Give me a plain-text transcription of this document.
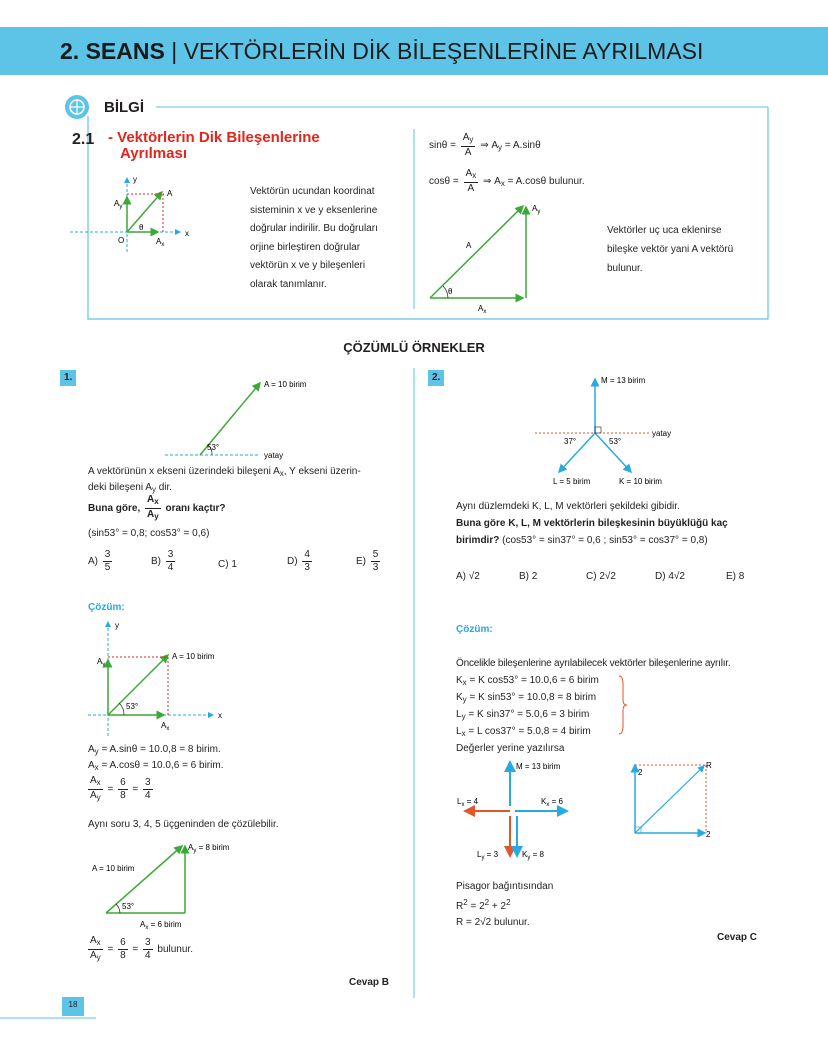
2. SEANS | VEKTÖRLERİN DİK BİLEŞENLERİNE AYRILMASI
BİLGİ
2.1 - Vektörlerin Dik Bileşenlerine
Ayrılması
y
x
O
$A_y$
$A_x$
A
θ
Vektörün ucundan koordinat
sisteminin x ve y eksenlerine
doğrular indirilir. Bu doğruları
orjine birleştiren doğrular
vektörün x ve y bileşenleri
olarak tanımlanır.
$\sin\theta = \frac{A_y}{A}$ ⇒ $A_y = A.\sin\theta$
$\cos\theta = \frac{A_x}{A}$ ⇒ $A_x = A.\cos\theta$ bulunur.
θ
A
$A_y$
$A_x$
Vektörler uç uca eklenirse
bileşke vektör yani A vektörü
bulunur.
ÇÖZÜMLÜ ÖRNEKLER
1.
A = 10 birim
53°
yatay
A vektörünün x ekseni üzerindeki bileşeni $A_x$, Y ekseni üzerin-
deki bileşeni $A_y$ dir.
Buna göre, $\frac{A_x}{A_y}$ oranı kaçtır?
(sin53° = 0,8; cos53° = 0,6)
$A) \frac{3}{5}$	$B) \frac{3}{4}$	C) 1	$D) \frac{4}{3}$	$E) \frac{5}{3}$
Çözüm:
y
x
$A_y$
$A_x$
A = 10 birim
53°
$A_y = A.\sin\theta = 10.0,8 = 8$ birim.
$A_x = A.\cos\theta = 10.0,6 = 6$ birim.
$\frac{A_x}{A_y} = \frac{6}{8} = \frac{3}{4}$
Aynı soru 3, 4, 5 üçgeninden de çözülebilir.
A = 10 birim
$A_y = 8$ birim
$A_x = 6$ birim
53°
$\frac{A_x}{A_y} = \frac{6}{8} = \frac{3}{4}$ bulunur.
Cevap B
2.	M = 13 birim
L = 5 birim	K = 10 birim
37°	53°
yatay
Aynı düzlemdeki K, L, M vektörleri şekildeki gibidir.
Buna göre K, L, M vektörlerin bileşkesinin büyüklüğü kaç
birimdir? (cos53° = sin37° = 0,6 ; sin53° = cos37° = 0,8)
A) √2	B) 2	C) 2√2	D) 4√2	E) 8
Çözüm:
Öncelikle bileşenlerine ayrılabilecek vektörler bileşenlerine ayrılır.
$K_x = K$ cos53° = 10.0,6 = 6 birim
$K_y = K$ sin53° = 10.0,8 = 8 birim
$L_y = K$ sin37° = 5.0,6 = 3 birim
$L_x = L$ cos37° = 5.0,8 = 4 birim
Değerler yerine yazılırsa
M = 13 birim
$L_x = 4$	$K_x = 6$
$L_y = 3$	$K_y = 8$
2
2
R
Pisagor bağıntısından
$R^2 = 2^2 + 2^2$
R = 2√2 bulunur.
Cevap C
18
